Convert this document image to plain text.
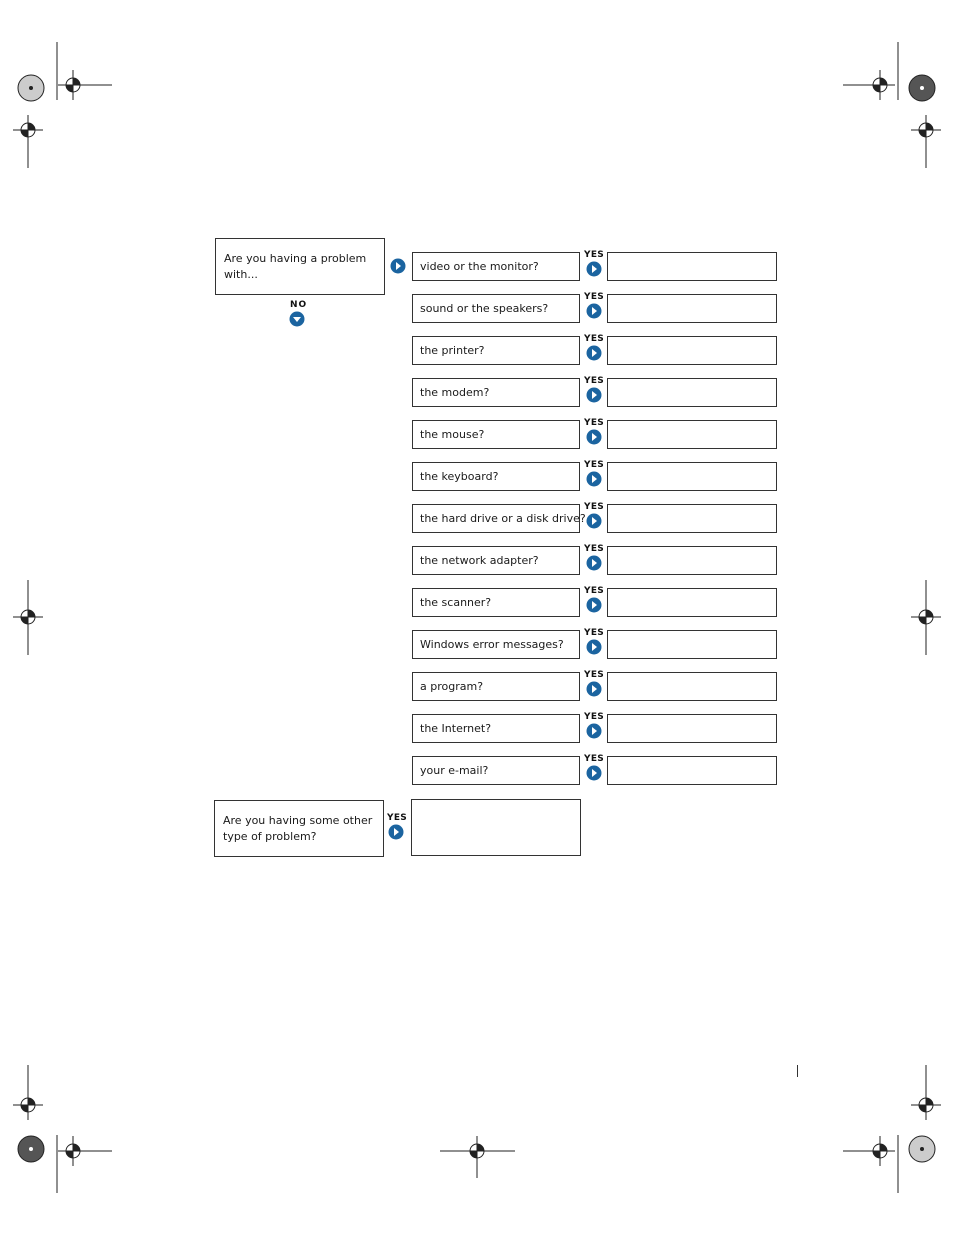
Are you having a problem with...
NO
video or the monitor?
YES
sound or the speakers?
YES
the printer?
YES
the modem?
YES
the mouse?
YES
the keyboard?
YES
the hard drive or a disk drive?
YES
the network adapter?
YES
the scanner?
YES
Windows error messages?
YES
a program?
YES
the Internet?
YES
your e-mail?
YES
Are you having some other type of problem?
YES
